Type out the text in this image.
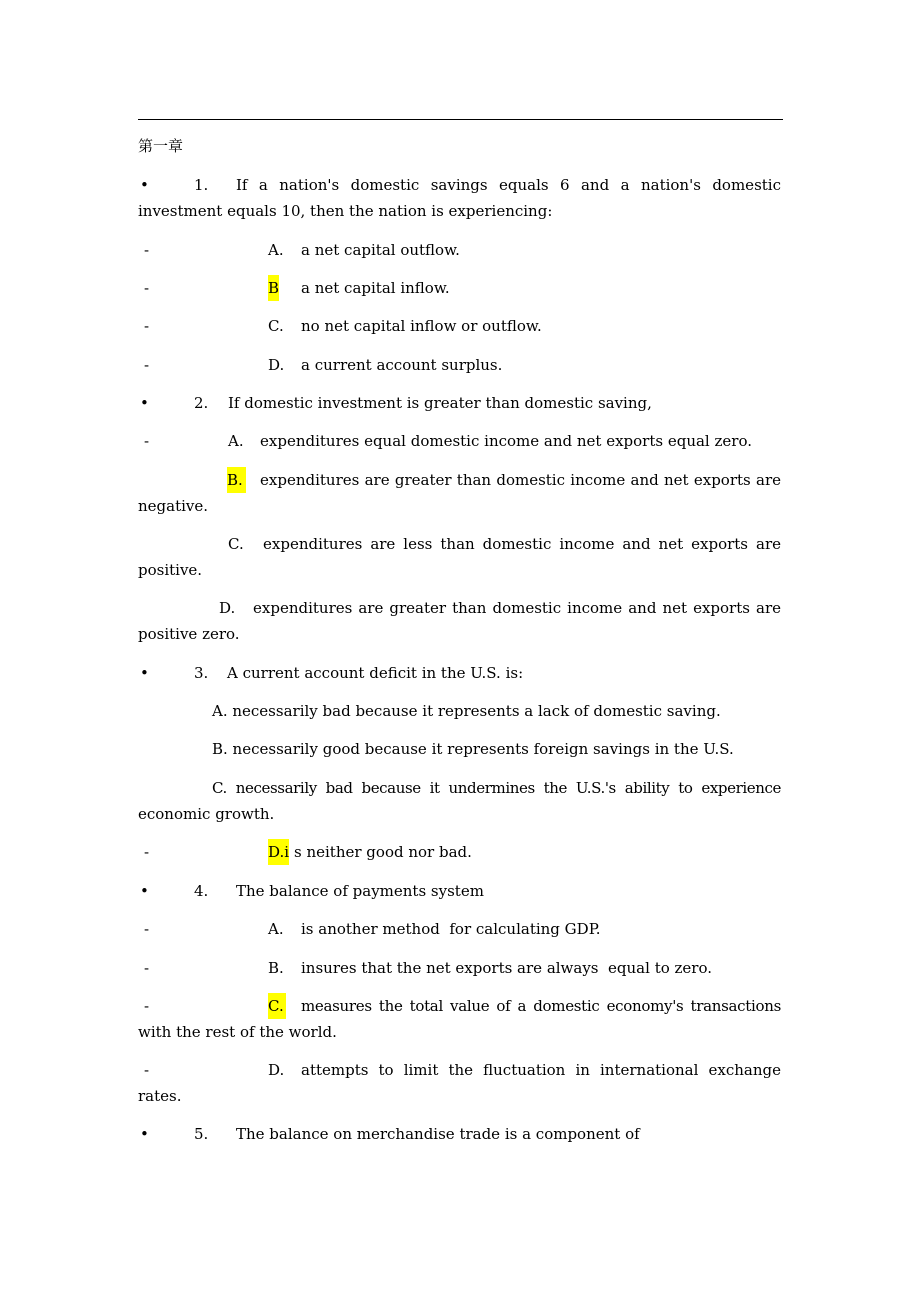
第一章
•	1. If a nation's domestic savings equals 6 and a nation's domestic
investment equals 10, then the nation is experiencing:
-	A. a net capital outflow.
-	B a net capital inflow.
-	C. no net capital inflow or outflow.
-	D. a current account surplus.
•	2. If domestic investment is greater than domestic saving,
-	A. expenditures equal domestic income and net exports equal zero.
B. expenditures are greater than domestic income and net exports are
negative.
C. expenditures are less than domestic income and net exports are
positive.
D. expenditures are greater than domestic income and net exports are
positive zero.
•	3. A current account deficit in the U.S. is:
A. necessarily bad because it represents a lack of domestic saving.
B. necessarily good because it represents foreign savings in the U.S.
C. necessarily bad because it undermines the U.S.'s ability to experience
economic growth.
-	D.i s neither good nor bad.
•	4. The balance of payments system
-	A. is another method  for calculating GDP.
-	B. insures that the net exports are always  equal to zero.
-	C. measures the total value of a domestic economy's transactions
with the rest of the world.
-	D. attempts to limit the fluctuation in international exchange
rates.
•	5. The balance on merchandise trade is a component of
